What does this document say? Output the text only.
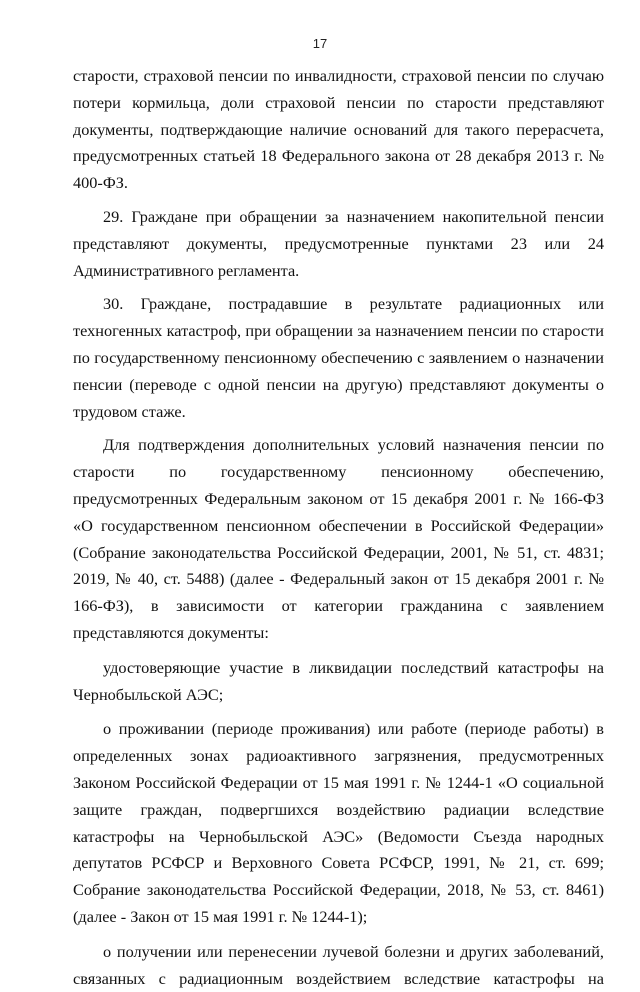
17

старости, страховой пенсии по инвалидности, страховой пенсии по случаю потери кормильца, доли страховой пенсии по старости представляют документы, подтверждающие наличие оснований для такого перерасчета, предусмотренных статьей 18 Федерального закона от 28 декабря 2013 г. № 400-ФЗ.

29. Граждане при обращении за назначением накопительной пенсии представляют документы, предусмотренные пунктами 23 или 24 Административного регламента.

30. Граждане, пострадавшие в результате радиационных или техногенных катастроф, при обращении за назначением пенсии по старости по государственному пенсионному обеспечению с заявлением о назначении пенсии (переводе с одной пенсии на другую) представляют документы о трудовом стаже.

Для подтверждения дополнительных условий назначения пенсии по старости по государственному пенсионному обеспечению, предусмотренных Федеральным законом от 15 декабря 2001 г. № 166-ФЗ «О государственном пенсионном обеспечении в Российской Федерации» (Собрание законодательства Российской Федерации, 2001, № 51, ст. 4831; 2019, № 40, ст. 5488) (далее - Федеральный закон от 15 декабря 2001 г. № 166-ФЗ), в зависимости от категории гражданина с заявлением представляются документы:

удостоверяющие участие в ликвидации последствий катастрофы на Чернобыльской АЭС;

о проживании (периоде проживания) или работе (периоде работы) в определенных зонах радиоактивного загрязнения, предусмотренных Законом Российской Федерации от 15 мая 1991 г. № 1244-1 «О социальной защите граждан, подвергшихся воздействию радиации вследствие катастрофы на Чернобыльской АЭС» (Ведомости Съезда народных депутатов РСФСР и Верховного Совета РСФСР, 1991, № 21, ст. 699; Собрание законодательства Российской Федерации, 2018, № 53, ст. 8461) (далее - Закон от 15 мая 1991 г. № 1244-1);

о получении или перенесении лучевой болезни и других заболеваний, связанных с радиационным воздействием вследствие катастрофы на
